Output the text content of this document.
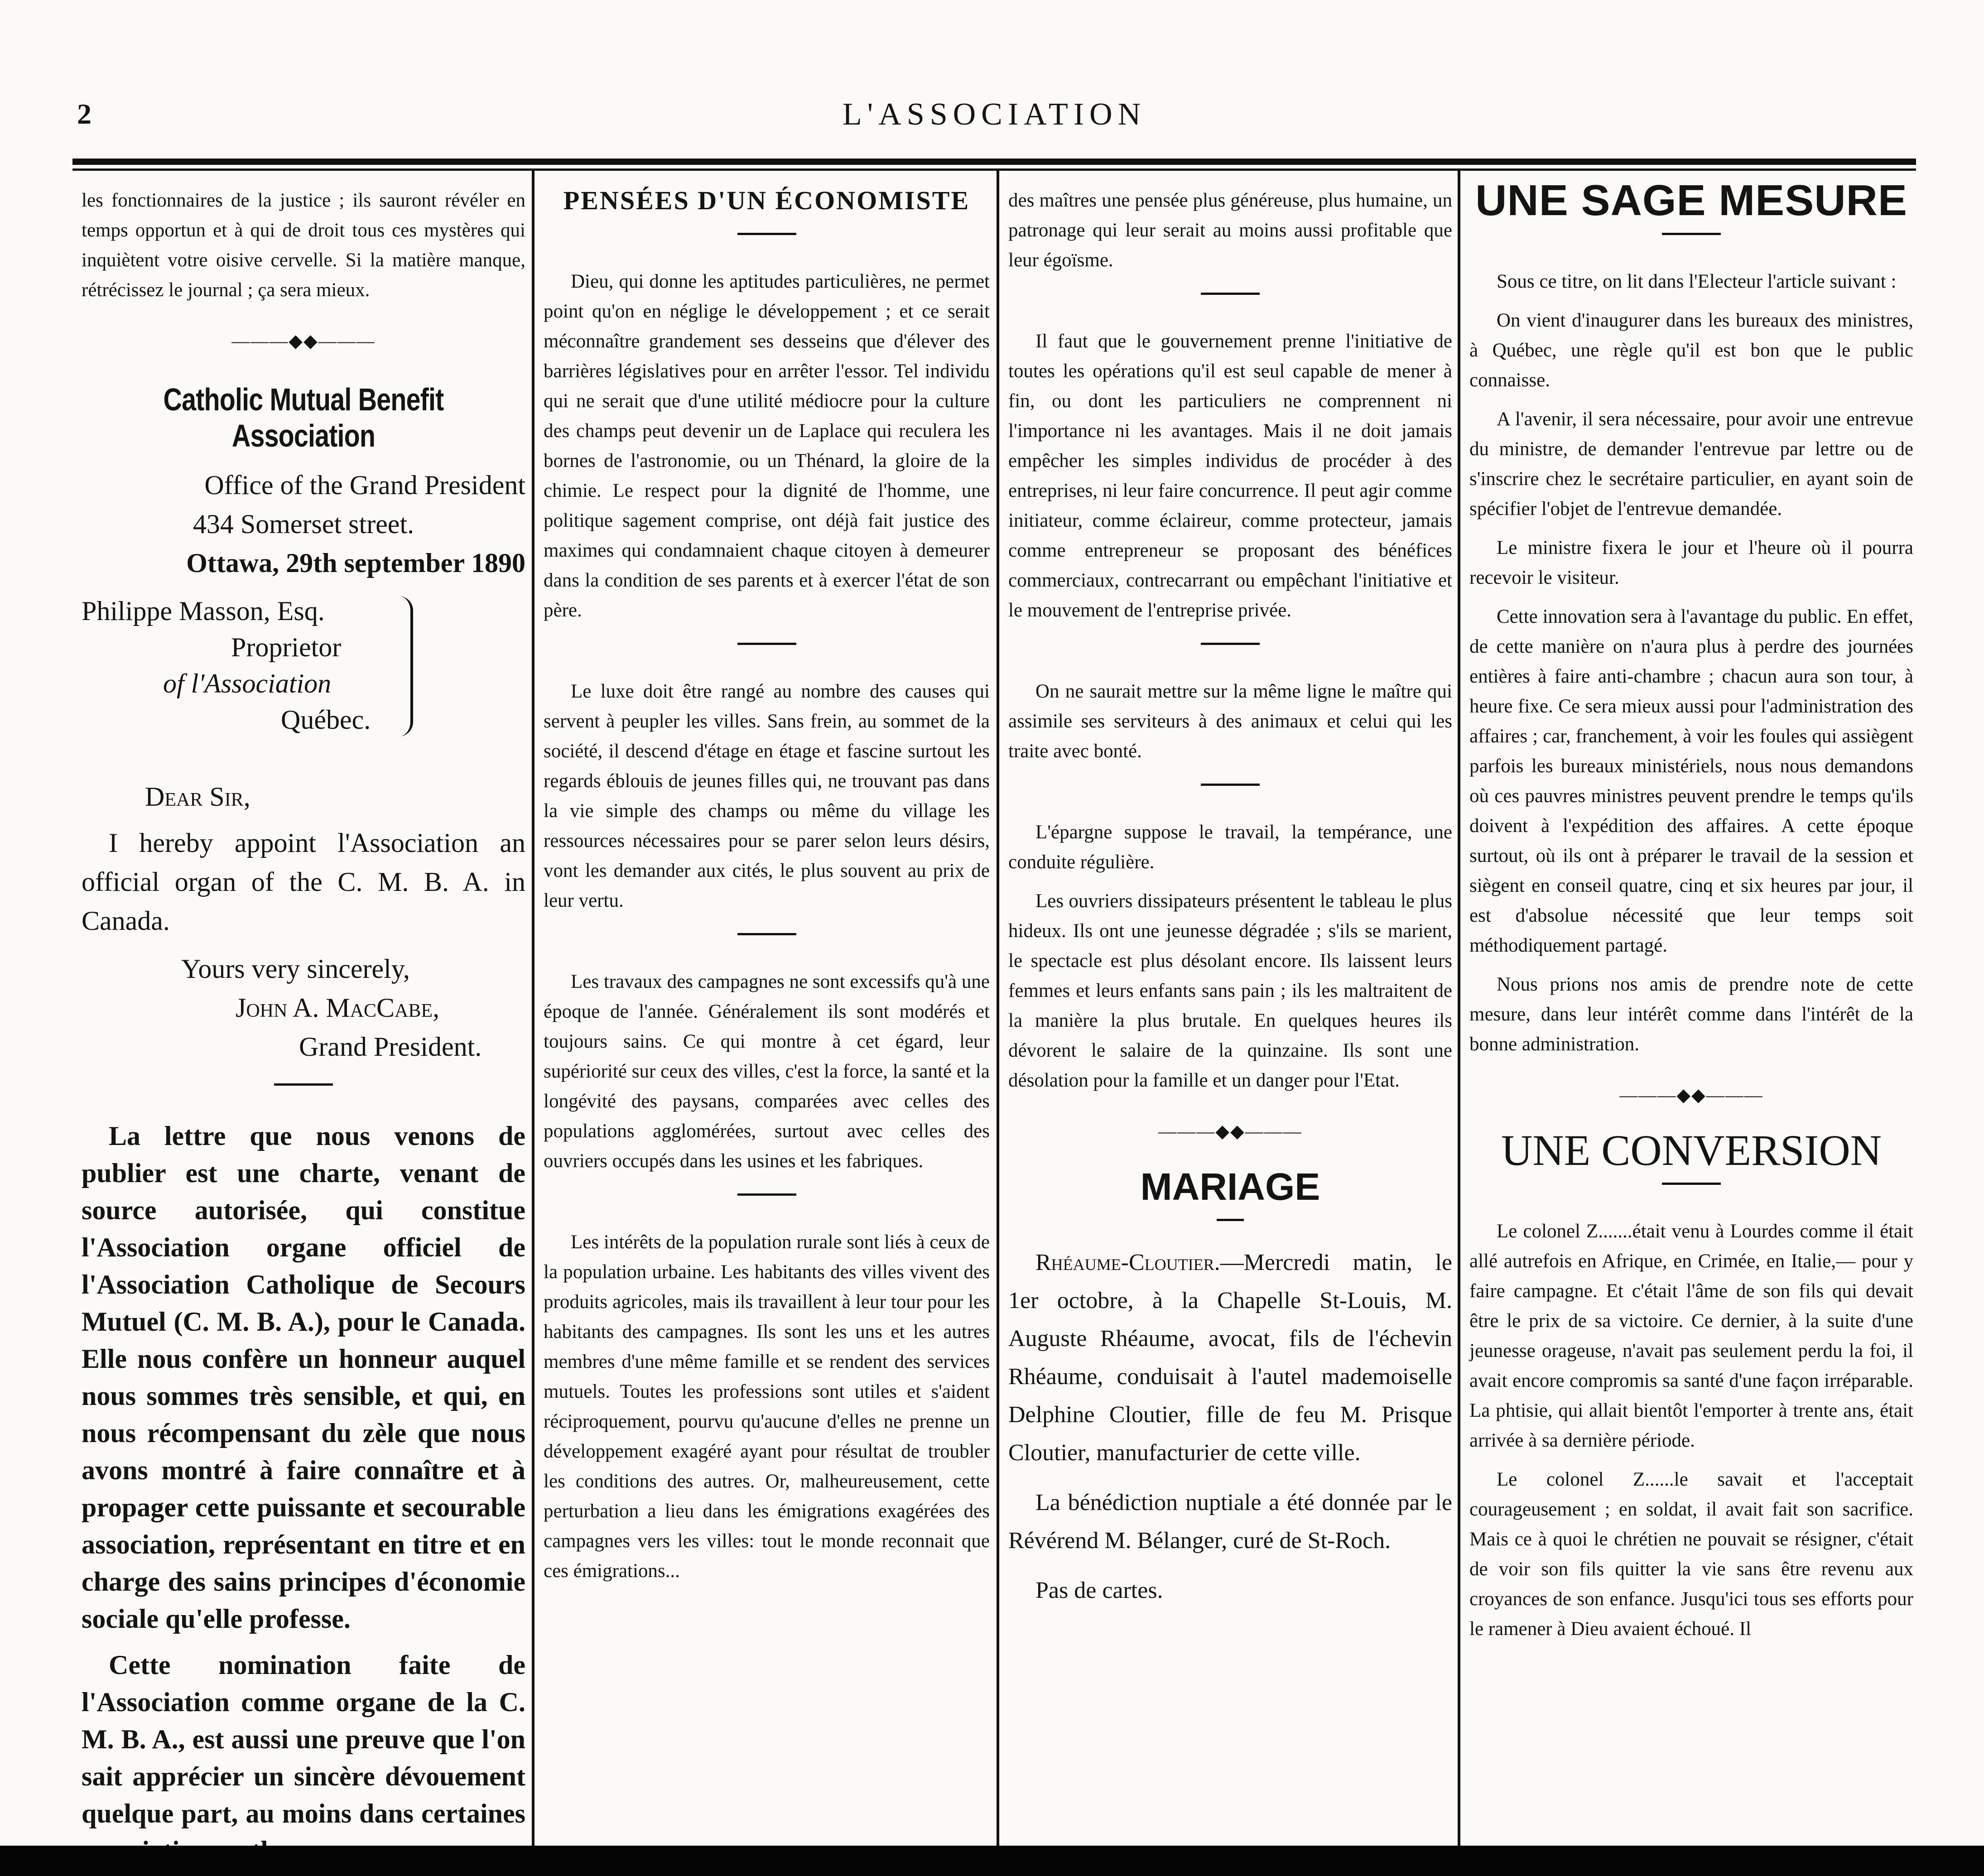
2	L'ASSOCIATION

les fonctionnaires de la justice ; ils sauront révéler en temps opportun et à qui de droit tous ces mystères qui inquiètent votre oisive cervelle. Si la matière manque, rétrécissez le journal ; ça sera mieux.

———◆◆———
Catholic Mutual Benefit Association
Office of the Grand President
434 Somerset street.
Ottawa, 29th september 1890
Philippe Masson, Esq.
Proprietor
of l'Association
Québec.
Dear Sir,

I hereby appoint l'Association an official organ of the C. M. B. A. in Canada.

Yours very sincerely,
John A. MacCabe,
Grand President.

La lettre que nous venons de publier est une charte, venant de source autorisée, qui constitue l'Association organe officiel de l'Association Catholique de Secours Mutuel (C. M. B. A.), pour le Canada. Elle nous confère un honneur auquel nous sommes très sensible, et qui, en nous récompensant du zèle que nous avons montré à faire connaître et à propager cette puissante et secourable association, représentant en titre et en charge des sains principes d'économie sociale qu'elle professe.

Cette nomination faite de l'Association comme organe de la C. M. B. A., est aussi une preuve que l'on sait apprécier un sincère dévouement quelque part, au moins dans certaines

PENSÉES D'UN ÉCONOMISTE

Dieu, qui donne les aptitudes particulières, ne permet point qu'on en néglige le développement ; et ce serait méconnaître grandement ses desseins que d'élever des barrières législatives pour en arrêter l'essor. Tel individu qui ne serait que d'une utilité médiocre pour la culture des champs peut devenir un de Laplace qui reculera les bornes de l'astronomie, ou un Thénard, la gloire de la chimie. Le respect pour la dignité de l'homme, une politique sagement comprise, ont déjà fait justice des maximes qui condamnaient chaque citoyen à demeurer dans la condition de ses parents et à exercer l'état de son père.

Le luxe doit être rangé au nombre des causes qui servent à peupler les villes. Sans frein, au sommet de la société, il descend d'étage en étage et fascine surtout les regards éblouis de jeunes filles qui, ne trouvant pas dans la vie simple des champs ou même du village les ressources nécessaires pour se parer selon leurs désirs, vont les demander aux cités, le plus souvent au prix de leur vertu.

Les travaux des campagnes ne sont excessifs qu'à une époque de l'année. Généralement ils sont modérés et toujours sains. Ce qui montre à cet égard, leur supériorité sur ceux des villes, c'est la force, la santé et la longévité des paysans, comparées avec celles des populations agglomérées, surtout avec celles des ouvriers occupés dans les usines et les fabriques.

Les intérêts de la population rurale sont liés à ceux de la population urbaine. Les habitants des villes vivent des produits agricoles, mais ils travaillent à leur tour pour les habitants des campagnes. Ils sont les uns et les autres membres d'une même famille et se rendent des services mutuels. Toutes les professions sont utiles et s'aident réciproquement, pourvu qu'aucune d'elles ne prenne un développement exagéré ayant pour résultat de troubler les conditions des autres. Or, malheureusement, cette perturbation a lieu dans les émigrations exagérées des campagnes vers les villes: tout le monde reconnait que ces émigrations...

des maîtres une pensée plus généreuse, plus humaine, un patronage qui leur serait au moins aussi profitable que leur égoïsme.

Il faut que le gouvernement prenne l'initiative de toutes les opérations qu'il est seul capable de mener à fin, ou dont les particuliers ne comprennent ni l'importance ni les avantages. Mais il ne doit jamais empêcher les simples individus de procéder à des entreprises, ni leur faire concurrence. Il peut agir comme initiateur, comme éclaireur, comme protecteur, jamais comme entrepreneur se proposant des bénéfices commerciaux, contrecarrant ou empêchant l'initiative et le mouvement de l'entreprise privée.

On ne saurait mettre sur la même ligne le maître qui assimile ses serviteurs à des animaux et celui qui les traite avec bonté.

L'épargne suppose le travail, la tempérance, une conduite régulière.

Les ouvriers dissipateurs présentent le tableau le plus hideux. Ils ont une jeunesse dégradée ; s'ils se marient, le spectacle est plus désolant encore. Ils laissent leurs femmes et leurs enfants sans pain ; ils les maltraitent de la manière la plus brutale. En quelques heures ils dévorent le salaire de la quinzaine. Ils sont une désolation pour la famille et un danger pour l'Etat.

———◆◆———
MARIAGE

Rhéaume-Cloutier.—Mercredi matin, le 1er octobre, à la Chapelle St-Louis, M. Auguste Rhéaume, avocat, fils de l'échevin Rhéaume, conduisait à l'autel mademoiselle Delphine Cloutier, fille de feu M. Prisque Cloutier, manufacturier de cette ville.

La bénédiction nuptiale a été donnée par le Révérend M. Bélanger, curé de St-Roch.

Pas de cartes.

UNE SAGE MESURE

Sous ce titre, on lit dans l'Electeur l'article suivant :

On vient d'inaugurer dans les bureaux des ministres, à Québec, une règle qu'il est bon que le public connaisse.

A l'avenir, il sera nécessaire, pour avoir une entrevue du ministre, de demander l'entrevue par lettre ou de s'inscrire chez le secrétaire particulier, en ayant soin de spécifier l'objet de l'entrevue demandée.

Le ministre fixera le jour et l'heure où il pourra recevoir le visiteur.

Cette innovation sera à l'avantage du public. En effet, de cette manière on n'aura plus à perdre des journées entières à faire anti-chambre ; chacun aura son tour, à heure fixe. Ce sera mieux aussi pour l'administration des affaires ; car, franchement, à voir les foules qui assiègent parfois les bureaux ministériels, nous nous demandons où ces pauvres ministres peuvent prendre le temps qu'ils doivent à l'expédition des affaires. A cette époque surtout, où ils ont à préparer le travail de la session et siègent en conseil quatre, cinq et six heures par jour, il est d'absolue nécessité que leur temps soit méthodiquement partagé.

Nous prions nos amis de prendre note de cette mesure, dans leur intérêt comme dans l'intérêt de la bonne administration.

———◆◆———
UNE CONVERSION

Le colonel Z.......était venu à Lourdes comme il était allé autrefois en Afrique, en Crimée, en Italie,— pour y faire campagne. Et c'était l'âme de son fils qui devait être le prix de sa victoire. Ce dernier, à la suite d'une jeunesse orageuse, n'avait pas seulement perdu la foi, il avait encore compromis sa santé d'une façon irréparable. La phtisie, qui allait bientôt l'emporter à trente ans, était arrivée à sa dernière période.

Le colonel Z......le savait et l'acceptait courageusement ; en soldat, il avait fait son sacrifice. Mais ce à quoi le chrétien ne pouvait se résigner, c'était de voir son fils quitter la vie sans être revenu aux croyances de son enfance. Jusqu'ici tous ses efforts pour le ramener à Dieu avaient échoué. Il
